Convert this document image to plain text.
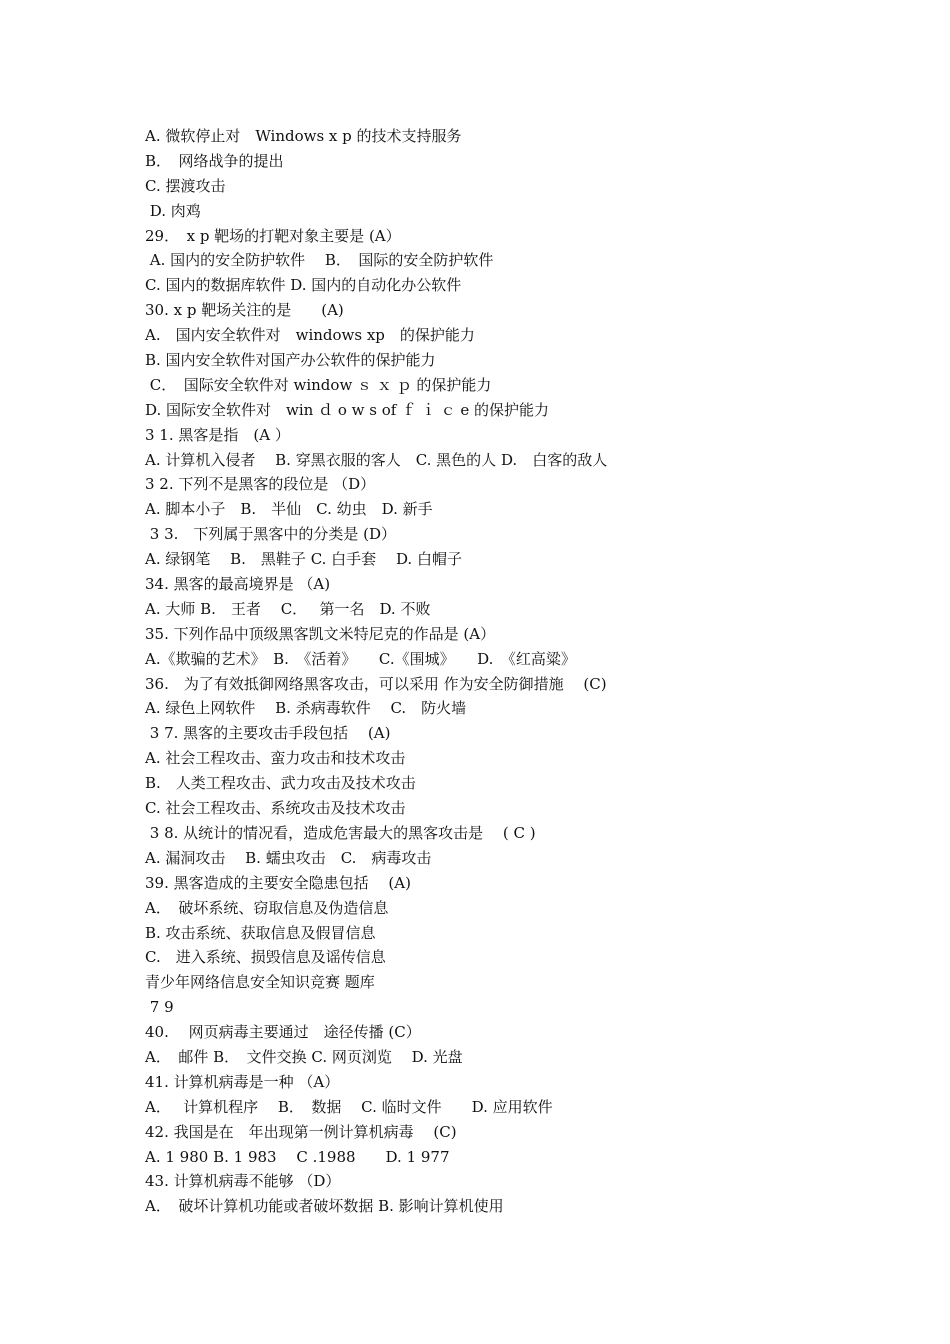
A. 微软停止对　Windows x p 的技术支持服务
B．　网络战争的提出
C. 摆渡攻击
D. 肉鸡
29．　x p 靶场的打靶对象主要是 (A）
A. 国内的安全防护软件　 B．　国际的安全防护软件
C. 国内的数据库软件 D. 国内的自动化办公软件
30. x p 靶场关注的是　　(A)
A.　国内安全软件对　windows xp　的保护能力
B. 国内安全软件对国产办公软件的保护能力
C．　国际安全软件对 window ｓ ｘ ｐ 的保护能力
D. 国际安全软件对　win ｄ o w s of ｆ ｉ ｃ e 的保护能力
3 1. 黑客是指　(A ）
A. 计算机入侵者　 B. 穿黑衣服的客人　C. 黑色的人 D.　白客的敌人
3 2. 下列不是黑客的段位是 （D）
A. 脚本小子　B.　半仙　C. 幼虫　D. 新手
3 3.　下列属于黑客中的分类是 (D）
A. 绿钢笔　 B.　黑鞋子 C. 白手套　 D. 白帽子
34. 黑客的最高境界是 （A)
A. 大师 B.　王者　 C．　 第一名　D. 不败
35. 下列作品中顶级黑客凯文米特尼克的作品是 (A）
A.《欺骗的艺术》　B.　《活着》　　C.《围城》　　D.　《红高粱》
36.　为了有效抵御网络黑客攻击，可以采用 作为安全防御措施　 (C)
A. 绿色上网软件　 B. 杀病毒软件　 C.　防火墙
3 7. 黑客的主要攻击手段包括　 (A)
A. 社会工程攻击、蛮力攻击和技术攻击
B.　人类工程攻击、武力攻击及技术攻击
C. 社会工程攻击、系统攻击及技术攻击
3 8. 从统计的情况看，造成危害最大的黑客攻击是　 ( C )
A. 漏洞攻击　 B. 蠕虫攻击　C.　病毒攻击
39. 黑客造成的主要安全隐患包括　 (A)
A．　破坏系统、窃取信息及伪造信息
B. 攻击系统、获取信息及假冒信息
C.　进入系统、损毁信息及谣传信息
青少年网络信息安全知识竞赛 题库
7 9
40.　 网页病毒主要通过　途径传播 (C）
A．　邮件 B．　文件交换 C. 网页浏览　 D. 光盘
41. 计算机病毒是一种 （A）
A．　 计算机程序　 B．　数据　 C. 临时文件　　D. 应用软件
42. 我国是在　年出现第一例计算机病毒　 (C)
A. 1 980 B. 1 983　 C .1988　　D. 1 977
43. 计算机病毒不能够 （D）
A．　破坏计算机功能或者破坏数据 B. 影响计算机使用
